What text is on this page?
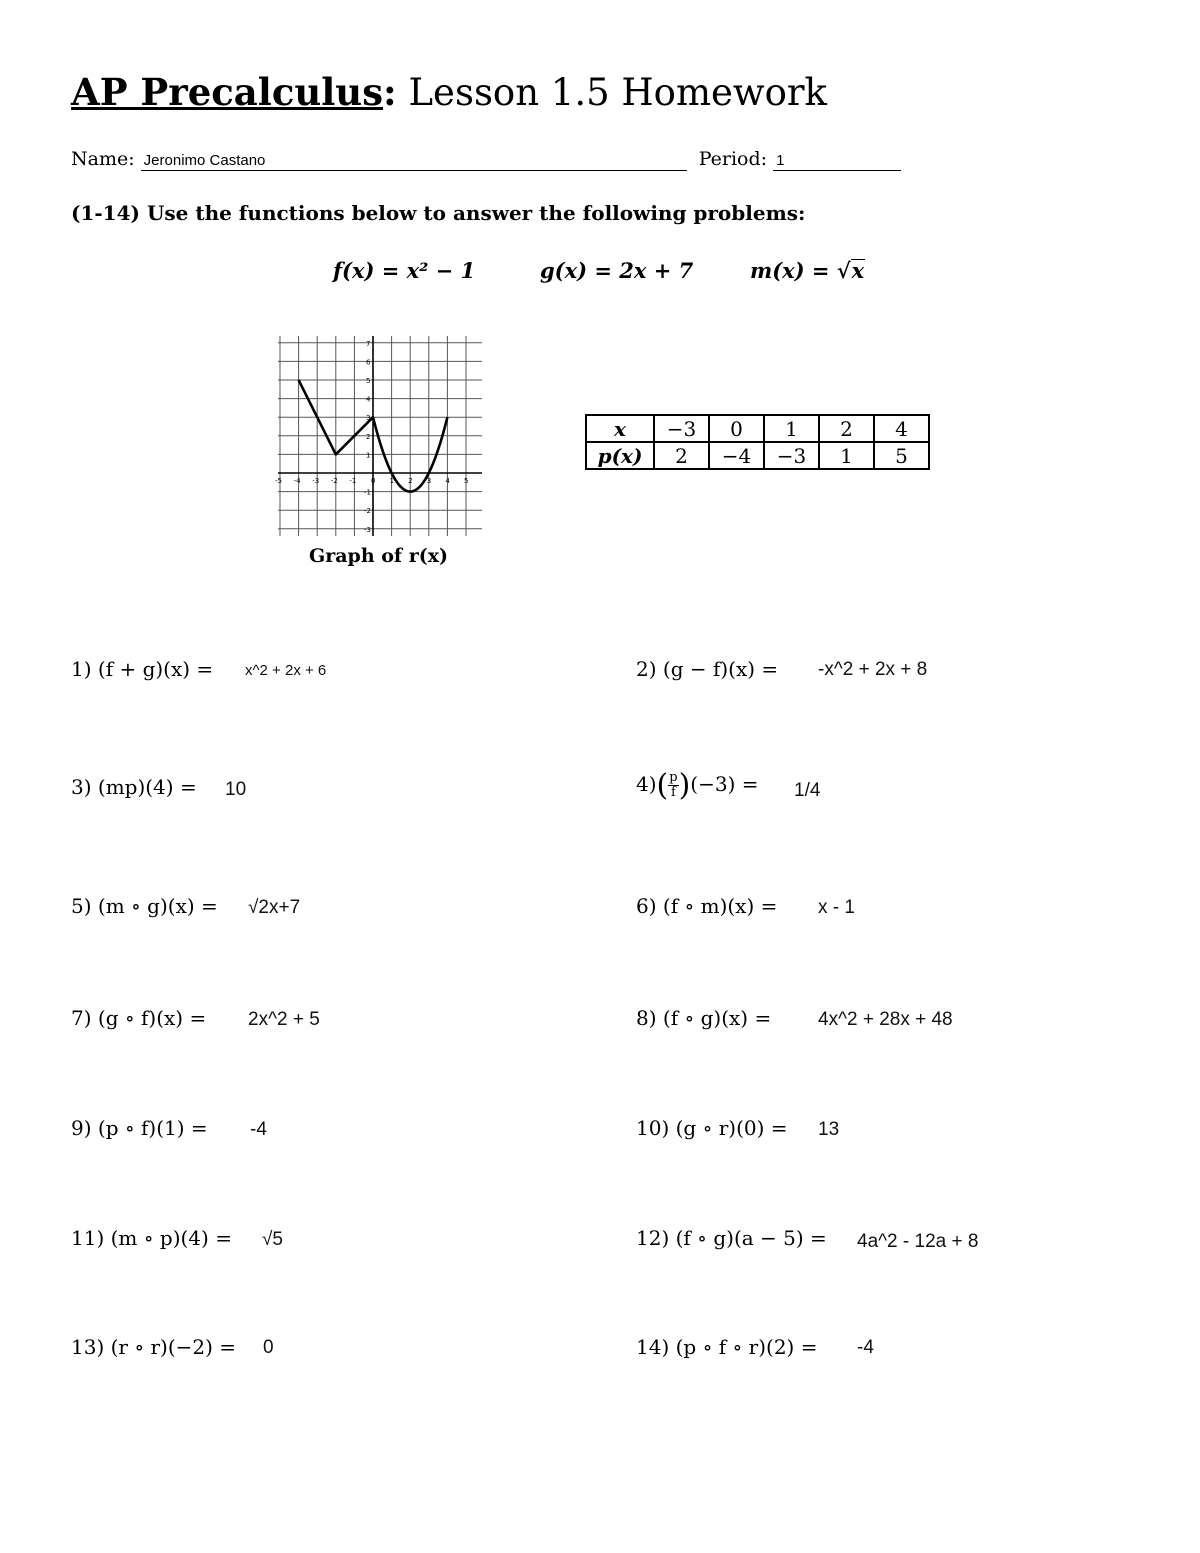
AP Precalculus: Lesson 1.5 Homework
Name: Jeronimo Castano	Period: 1
(1-14) Use the functions below to answer the following problems:
f(x) = x² − 1	g(x) = 2x + 7	m(x) = √x
-5 -4 -3 -2 -1 0 1 2 3 4 5
7
6
5
4
3
2
1
-1
-2
-3
Graph of r(x)
x	−3	0	1	2	4
p(x)	2	−4	−3	1	5
1) (f + g)(x) = x^2 + 2x + 6	2) (g − f)(x) = -x^2 + 2x + 8
3) (mp)(4) = 10	$4)( \frac{p}{f} )(-3) = 1/4$
5) (m ∘ g)(x) = √2x+7	6) (f ∘ m)(x) = x - 1
7) (g ∘ f)(x) = 2x^2 + 5	8) (f ∘ g)(x) = 4x^2 + 28x + 48
9) (p ∘ f)(1) = -4	10) (g ∘ r)(0) = 13
11) (m ∘ p)(4) = √5	12) (f ∘ g)(a − 5) = 4a^2 - 12a + 8
13) (r ∘ r)(−2) = 0	14) (p ∘ f ∘ r)(2) = -4
